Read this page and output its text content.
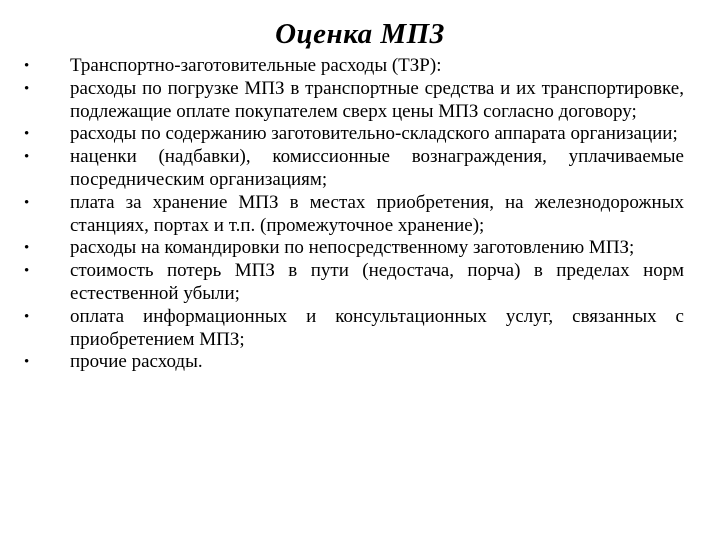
Оценка МПЗ
•	Транспортно-заготовительные расходы (ТЗР):
•	расходы по погрузке МПЗ в транспортные средства и их транспортировке, подлежащие оплате покупателем сверх цены МПЗ согласно договору;
•	расходы по содержанию заготовительно-складского аппарата организации;
•	наценки (надбавки), комиссионные вознаграждения, уплачиваемые посредническим организациям;
•	плата за хранение МПЗ в местах приобретения, на железнодорожных станциях, портах и т.п. (промежуточное хранение);
•	расходы на командировки по непосредственному заготовлению МПЗ;
•	стоимость потерь МПЗ в пути (недостача, порча) в пределах норм естественной убыли;
•	оплата информационных и консультационных услуг, связанных с приобретением МПЗ;
•	прочие расходы.
